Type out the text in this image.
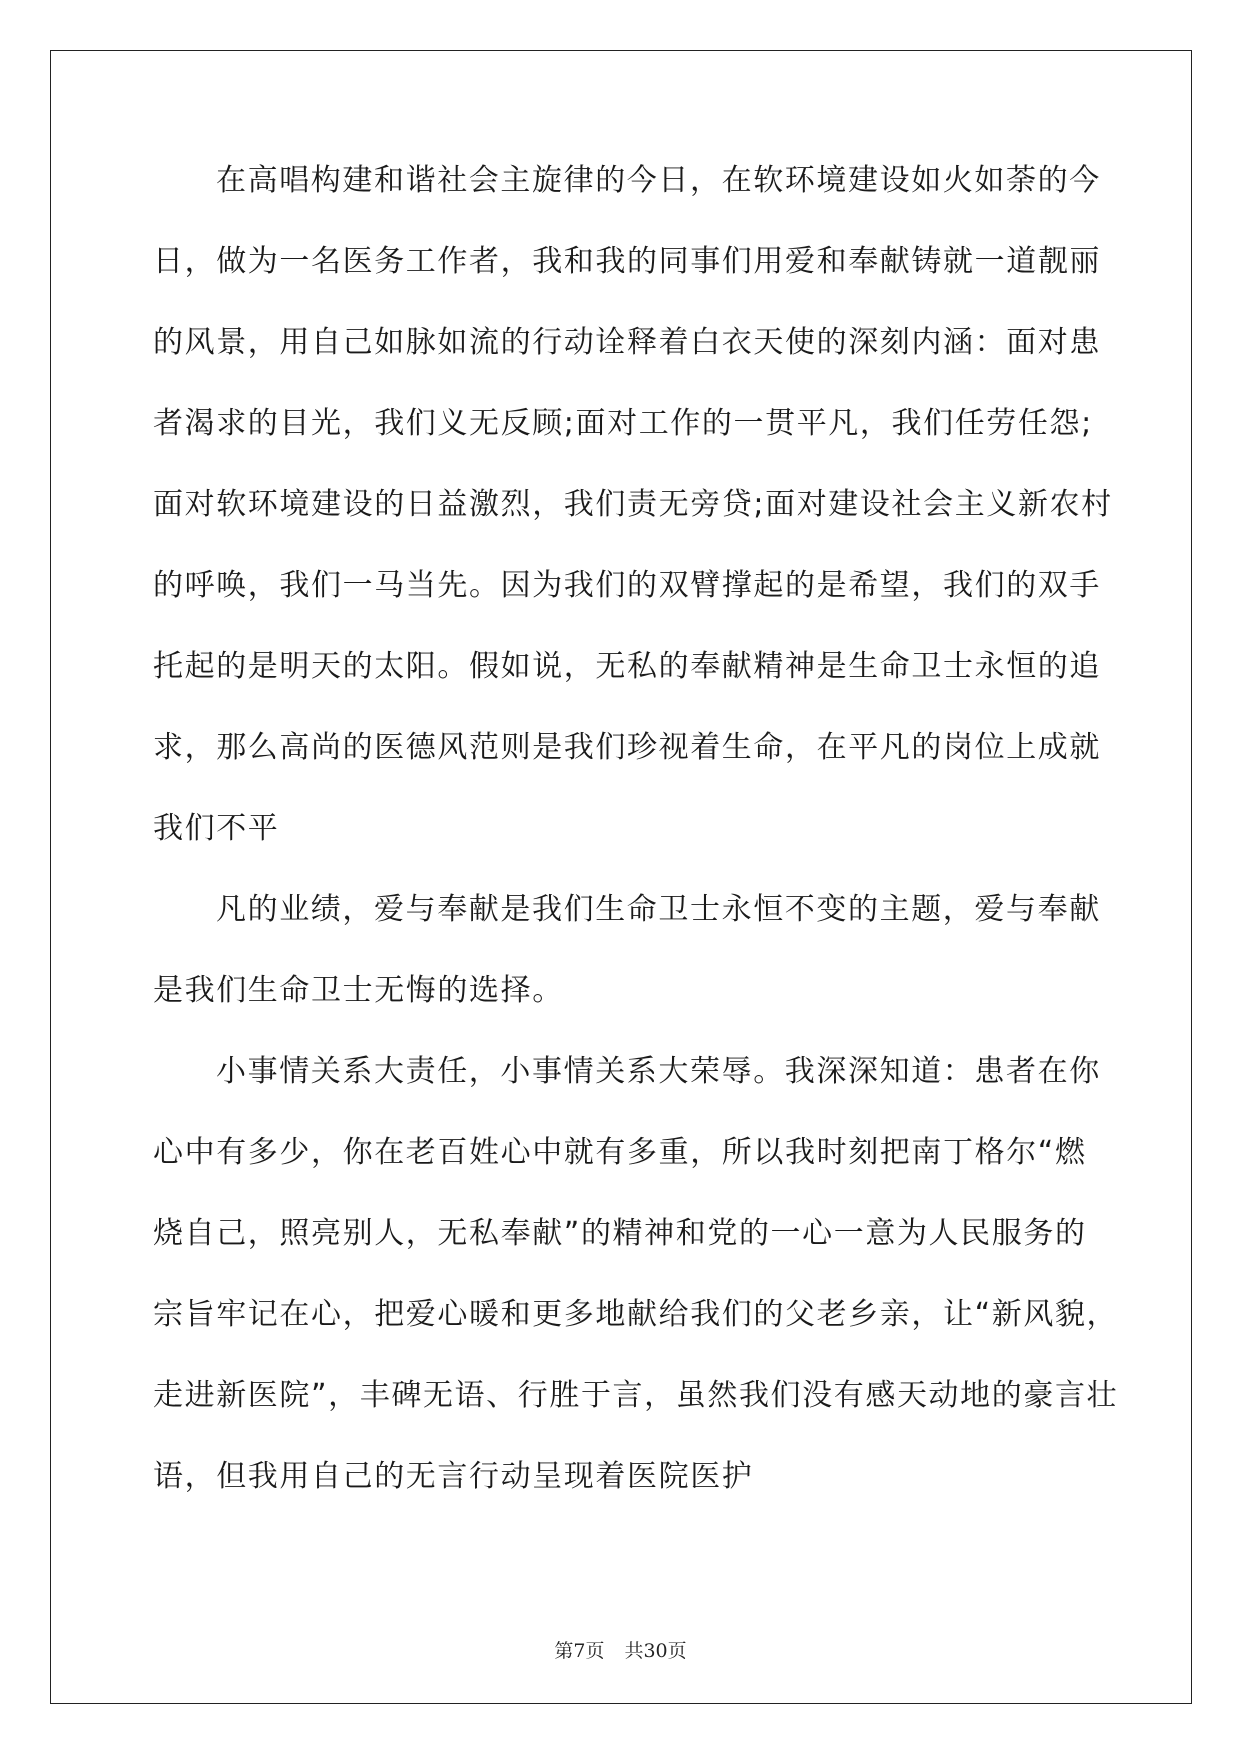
在高唱构建和谐社会主旋律的今日，在软环境建设如火如荼的今
日，做为一名医务工作者，我和我的同事们用爱和奉献铸就一道靓丽
的风景，用自己如脉如流的行动诠释着白衣天使的深刻内涵：面对患
者渴求的目光，我们义无反顾;面对工作的一贯平凡，我们任劳任怨;
面对软环境建设的日益激烈，我们责无旁贷;面对建设社会主义新农村
的呼唤，我们一马当先。因为我们的双臂撑起的是希望，我们的双手
托起的是明天的太阳。假如说，无私的奉献精神是生命卫士永恒的追
求，那么高尚的医德风范则是我们珍视着生命，在平凡的岗位上成就
我们不平
凡的业绩，爱与奉献是我们生命卫士永恒不变的主题，爱与奉献
是我们生命卫士无悔的选择。
小事情关系大责任，小事情关系大荣辱。我深深知道：患者在你
心中有多少，你在老百姓心中就有多重，所以我时刻把南丁格尔“燃
烧自己，照亮别人，无私奉献”的精神和党的一心一意为人民服务的
宗旨牢记在心，把爱心暖和更多地献给我们的父老乡亲，让“新风貌，
走进新医院”，丰碑无语、行胜于言，虽然我们没有感天动地的豪言壮
语，但我用自己的无言行动呈现着医院医护
第7页 共30页
